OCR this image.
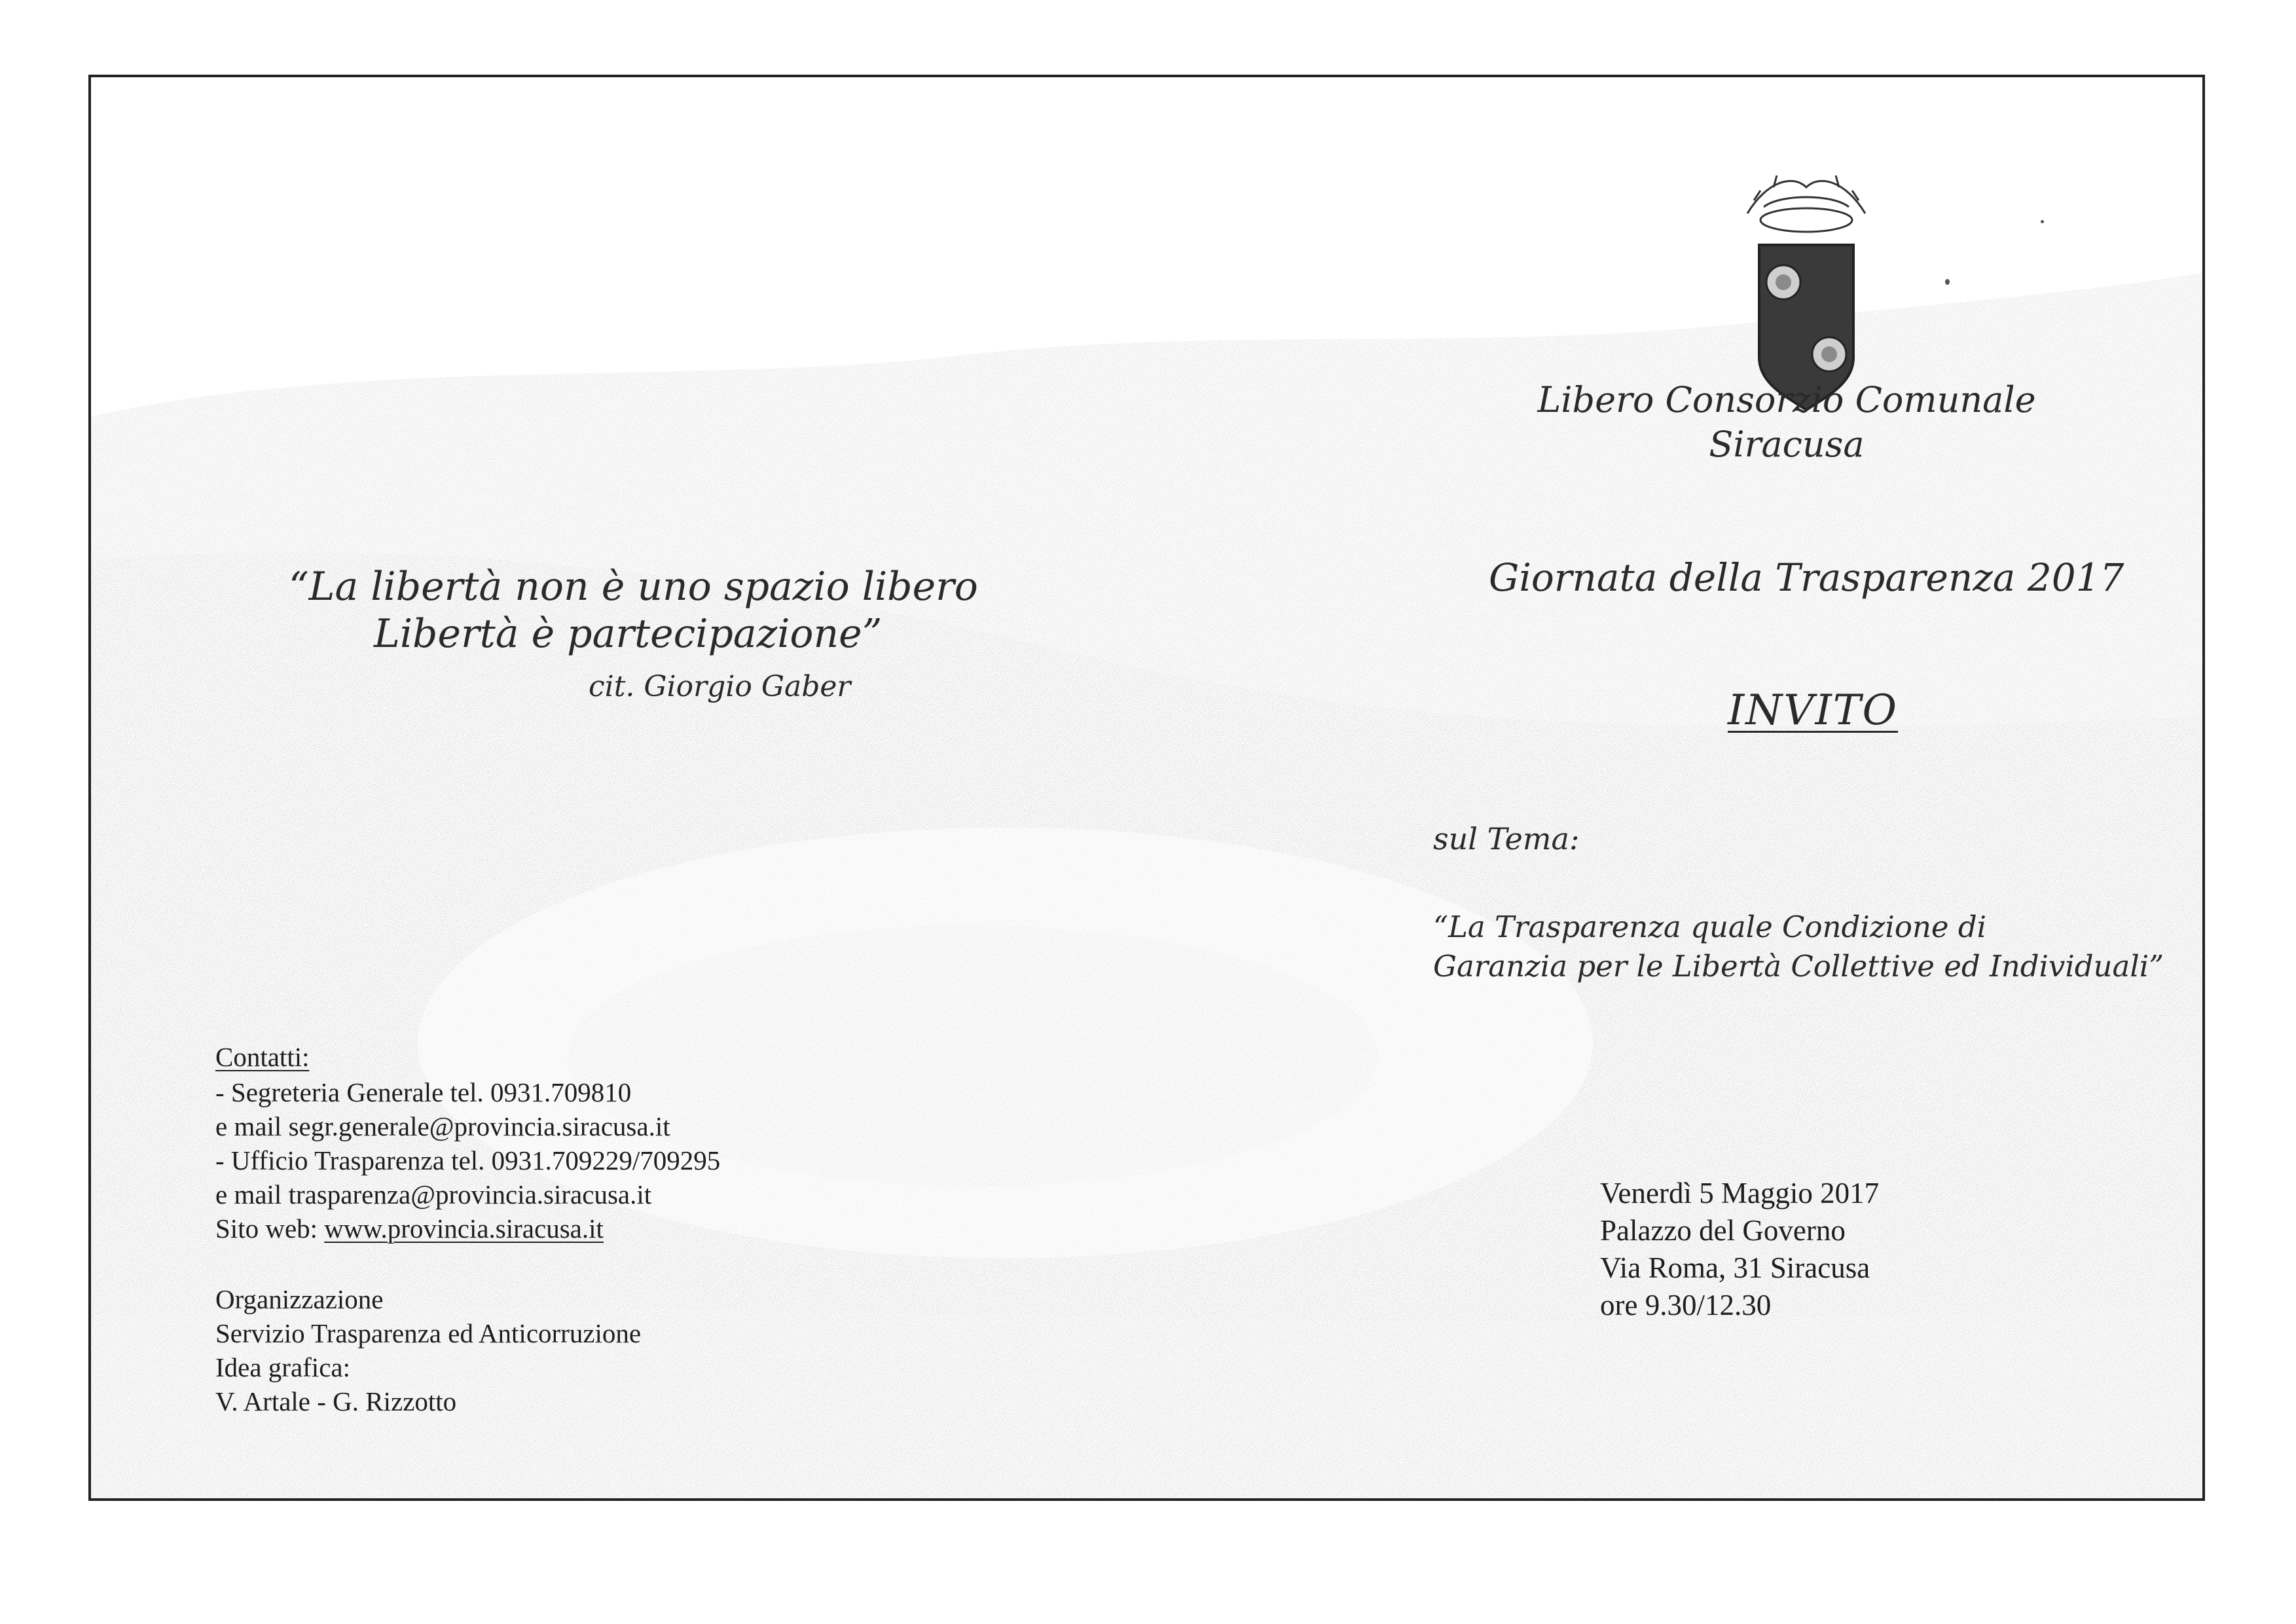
Libero Consorzio Comunale
Siracusa
“La libertà non è uno spazio libero
Libertà è partecipazione”
cit. Giorgio Gaber
Giornata della Trasparenza 2017
INVITO
sul Tema:
“La Trasparenza quale Condizione di
Garanzia per le Libertà Collettive ed Individuali”
Contatti:
- Segreteria Generale tel. 0931.709810
e mail segr.generale@provincia.siracusa.it
- Ufficio Trasparenza tel. 0931.709229/709295
e mail trasparenza@provincia.siracusa.it
Sito web: www.provincia.siracusa.it
Organizzazione
Servizio Trasparenza ed Anticorruzione
Idea grafica:
V. Artale - G. Rizzotto
Venerdì 5 Maggio 2017
Palazzo del Governo
Via Roma, 31 Siracusa
ore 9.30/12.30
